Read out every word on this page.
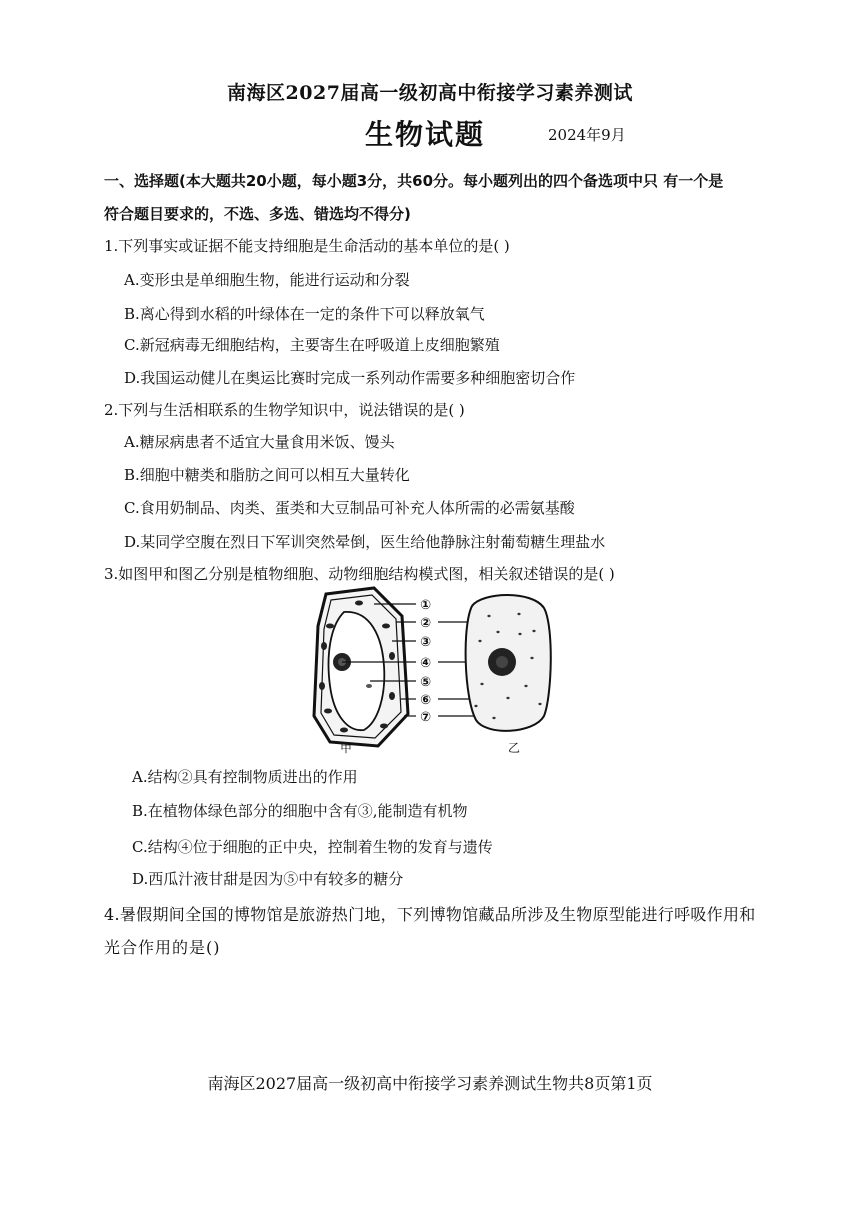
南海区2027届高一级初高中衔接学习素养测试
生物试题	2024年9月
一、选择题(本大题共20小题，每小题3分，共60分。每小题列出的四个备选项中只 有一个是
符合题目要求的，不选、多选、错选均不得分)
1.下列事实或证据不能支持细胞是生命活动的基本单位的是( )
A.变形虫是单细胞生物，能进行运动和分裂
B.离心得到水稻的叶绿体在一定的条件下可以释放氧气
C.新冠病毒无细胞结构，主要寄生在呼吸道上皮细胞繁殖
D.我国运动健儿在奥运比赛时完成一系列动作需要多种细胞密切合作
2.下列与生活相联系的生物学知识中，说法错误的是( )
A.糖尿病患者不适宜大量食用米饭、馒头
B.细胞中糖类和脂肪之间可以相互大量转化
C.食用奶制品、肉类、蛋类和大豆制品可补充人体所需的必需氨基酸
D.某同学空腹在烈日下军训突然晕倒，医生给他静脉注射葡萄糖生理盐水
3.如图甲和图乙分别是植物细胞、动物细胞结构模式图，相关叙述错误的是( )
①
②
③
④
⑤
⑥
⑦
甲	乙
A.结构②具有控制物质进出的作用
B.在植物体绿色部分的细胞中含有③,能制造有机物
C.结构④位于细胞的正中央，控制着生物的发育与遗传
D.西瓜汁液甘甜是因为⑤中有较多的糖分
4.暑假期间全国的博物馆是旅游热门地，下列博物馆藏品所涉及生物原型能进行呼吸作用和
光合作用的是()
南海区2027届高一级初高中衔接学习素养测试生物共8页第1页
